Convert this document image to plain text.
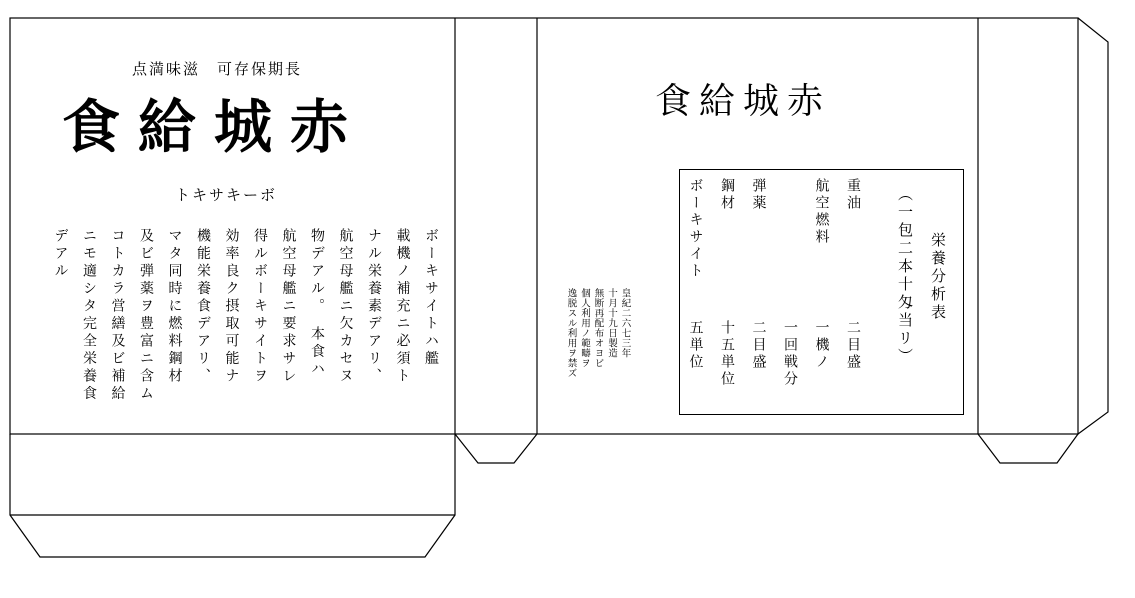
点満味滋　可存保期長
食給城赤
トキサキーボ
ボーキサイトハ艦
載機ノ補充ニ必須ト
ナル栄養素デアリ、
航空母艦ニ欠カセヌ
物デアル。　本食ハ
航空母艦ニ要求サレ
得ルボーキサイトヲ
効率良ク摂取可能ナ
機能栄養食デアリ、
マタ同時に燃料鋼材
及ビ弾薬ヲ豊富ニ含ム
コトカラ営繕及ビ補給
ニモ適シタ完全栄養食
デアル
食給城赤
皇紀二六七三年
十月十九日製造
無断再配布オヨビ
個人利用ノ範疇ヲ
逸脱スル利用ヲ禁ズ
栄養分析表
（一包二本十匁当リ）
重油
二目盛
航空燃料
一機ノ
一回戦分
弾薬
二目盛
鋼材
十五単位
ボーキサイト
五単位
